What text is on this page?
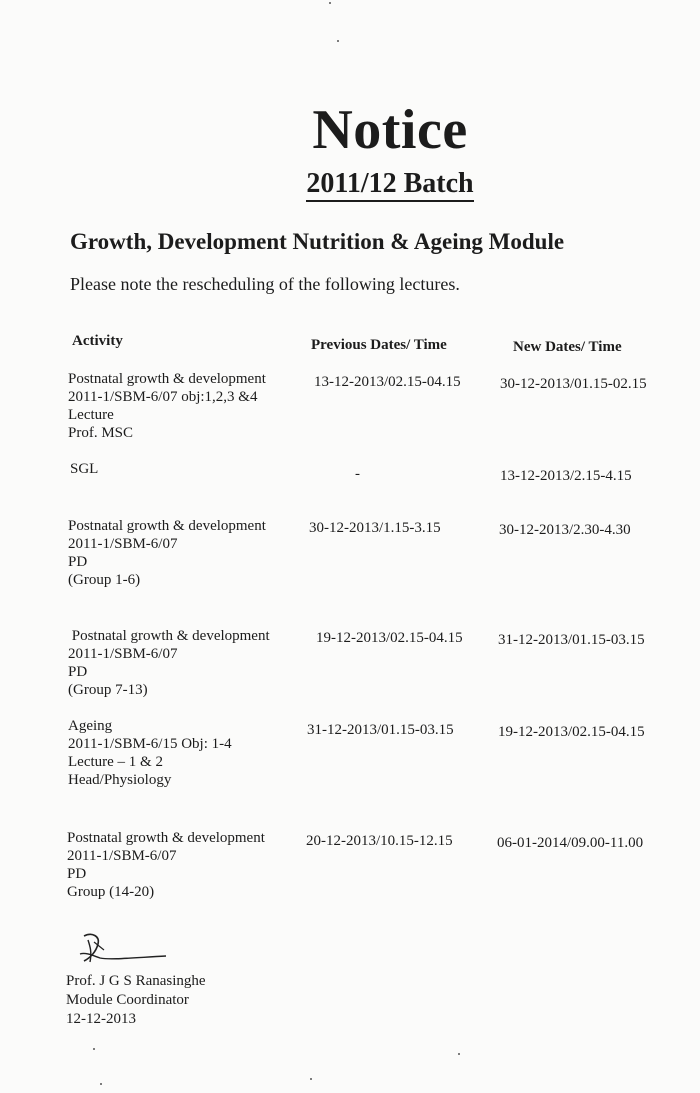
Notice
2011/12 Batch
Growth, Development Nutrition & Ageing Module
Please note the rescheduling of the following lectures.
Activity	Previous Dates/ Time	New Dates/ Time
Postnatal growth & development
2011-1/SBM-6/07 obj:1,2,3 &4
Lecture
Prof. MSC
13-12-2013/02.15-04.15	30-12-2013/01.15-02.15
SGL	-	13-12-2013/2.15-4.15
Postnatal growth & development
2011-1/SBM-6/07
PD
(Group 1-6)
30-12-2013/1.15-3.15	30-12-2013/2.30-4.30
Postnatal growth & development
2011-1/SBM-6/07
PD
(Group 7-13)
19-12-2013/02.15-04.15 31-12-2013/01.15-03.15
Ageing
2011-1/SBM-6/15 Obj: 1-4
Lecture – 1 & 2
Head/Physiology
31-12-2013/01.15-03.15	19-12-2013/02.15-04.15
Postnatal growth & development
2011-1/SBM-6/07
PD
Group (14-20)
20-12-2013/10.15-12.15	06-01-2014/09.00-11.00
Prof. J G S Ranasinghe
Module Coordinator
12-12-2013
